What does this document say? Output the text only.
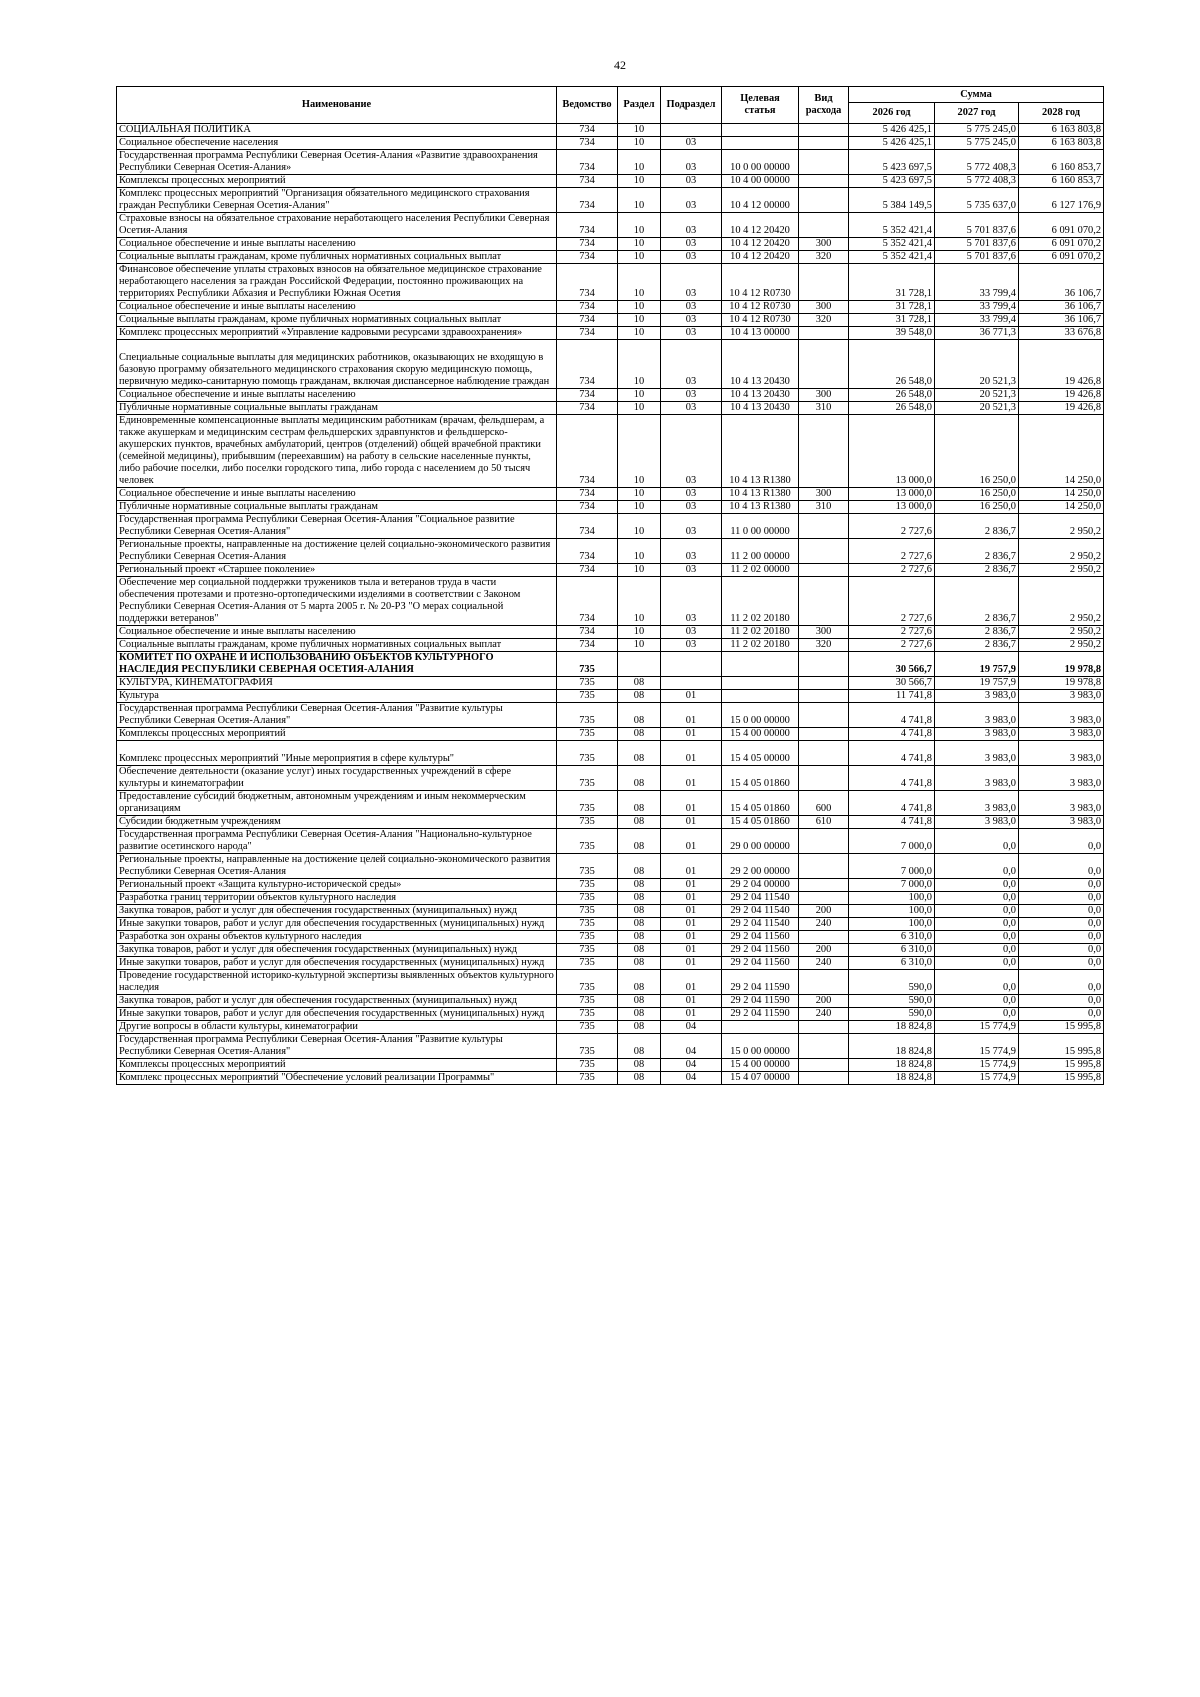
42
Наименование	Ведомство	Раздел	Подраздел	Целевая статья	Вид расхода	Сумма		
						2026 год	2027 год	2028 год
СОЦИАЛЬНАЯ ПОЛИТИКА	734	10				5 426 425,1	5 775 245,0	6 163 803,8
Социальное обеспечение населения	734	10	03			5 426 425,1	5 775 245,0	6 163 803,8
Государственная программа Республики Северная Осетия-Алания «Развитие здравоохранения Республики Северная Осетия-Алания»	734	10	03	10 0 00 00000		5 423 697,5	5 772 408,3	6 160 853,7
Комплексы процессных мероприятий	734	10	03	10 4 00 00000		5 423 697,5	5 772 408,3	6 160 853,7
Комплекс процессных мероприятий "Организация обязательного медицинского страхования граждан Республики Северная Осетия-Алания"	734	10	03	10 4 12 00000		5 384 149,5	5 735 637,0	6 127 176,9
Страховые взносы на обязательное страхование неработающего населения Республики Северная Осетия-Алания	734	10	03	10 4 12 20420		5 352 421,4	5 701 837,6	6 091 070,2
Социальное обеспечение и иные выплаты населению	734	10	03	10 4 12 20420	300	5 352 421,4	5 701 837,6	6 091 070,2
Социальные выплаты гражданам, кроме публичных нормативных социальных выплат	734	10	03	10 4 12 20420	320	5 352 421,4	5 701 837,6	6 091 070,2
Финансовое обеспечение уплаты страховых взносов на обязательное медицинское страхование неработающего населения за граждан Российской Федерации, постоянно проживающих на территориях Республики Абхазия и Республики Южная Осетия	734	10	03	10 4 12 R0730		31 728,1	33 799,4	36 106,7
Социальное обеспечение и иные выплаты населению	734	10	03	10 4 12 R0730	300	31 728,1	33 799,4	36 106,7
Социальные выплаты гражданам, кроме публичных нормативных социальных выплат	734	10	03	10 4 12 R0730	320	31 728,1	33 799,4	36 106,7
Комплекс процессных мероприятий «Управление кадровыми ресурсами здравоохранения»	734	10	03	10 4 13 00000		39 548,0	36 771,3	33 676,8
Специальные социальные выплаты для медицинских работников, оказывающих не входящую в базовую программу обязательного медицинского страхования скорую медицинскую помощь, первичную медико-санитарную помощь гражданам, включая диспансерное наблюдение граждан	734	10	03	10 4 13 20430		26 548,0	20 521,3	19 426,8
Социальное обеспечение и иные выплаты населению	734	10	03	10 4 13 20430	300	26 548,0	20 521,3	19 426,8
Публичные нормативные социальные выплаты гражданам	734	10	03	10 4 13 20430	310	26 548,0	20 521,3	19 426,8
Единовременные компенсационные выплаты медицинским работникам (врачам, фельдшерам, а также акушеркам и медицинским сестрам фельдшерских здравпунктов и фельдшерско-акушерских пунктов, врачебных амбулаторий, центров (отделений) общей врачебной практики (семейной медицины), прибывшим (переехавшим) на работу в сельские населенные пункты, либо рабочие поселки, либо поселки городского типа, либо города с населением до 50 тысяч человек	734	10	03	10 4 13 R1380		13 000,0	16 250,0	14 250,0
Социальное обеспечение и иные выплаты населению	734	10	03	10 4 13 R1380	300	13 000,0	16 250,0	14 250,0
Публичные нормативные социальные выплаты гражданам	734	10	03	10 4 13 R1380	310	13 000,0	16 250,0	14 250,0
Государственная программа Республики Северная Осетия-Алания "Социальное развитие Республики Северная Осетия-Алания"	734	10	03	11 0 00 00000		2 727,6	2 836,7	2 950,2
Региональные проекты, направленные на достижение целей социально-экономического развития Республики Северная Осетия-Алания	734	10	03	11 2 00 00000		2 727,6	2 836,7	2 950,2
Региональный проект «Старшее поколение»	734	10	03	11 2 02 00000		2 727,6	2 836,7	2 950,2
Обеспечение мер социальной поддержки тружеников тыла и ветеранов труда в части обеспечения протезами и протезно-ортопедическими изделиями в соответствии с Законом Республики Северная Осетия-Алания от 5 марта 2005 г. № 20-РЗ "О мерах социальной поддержки ветеранов"	734	10	03	11 2 02 20180		2 727,6	2 836,7	2 950,2
Социальное обеспечение и иные выплаты населению	734	10	03	11 2 02 20180	300	2 727,6	2 836,7	2 950,2
Социальные выплаты гражданам, кроме публичных нормативных социальных выплат	734	10	03	11 2 02 20180	320	2 727,6	2 836,7	2 950,2
КОМИТЕТ ПО ОХРАНЕ И ИСПОЛЬЗОВАНИЮ ОБЪЕКТОВ КУЛЬТУРНОГО НАСЛЕДИЯ РЕСПУБЛИКИ СЕВЕРНАЯ ОСЕТИЯ-АЛАНИЯ	735					30 566,7	19 757,9	19 978,8
КУЛЬТУРА, КИНЕМАТОГРАФИЯ	735	08				30 566,7	19 757,9	19 978,8
Культура	735	08	01			11 741,8	3 983,0	3 983,0
Государственная программа Республики Северная Осетия-Алания "Развитие культуры Республики Северная Осетия-Алания"	735	08	01	15 0 00 00000		4 741,8	3 983,0	3 983,0
Комплексы процессных мероприятий	735	08	01	15 4 00 00000		4 741,8	3 983,0	3 983,0
Комплекс процессных мероприятий "Иные мероприятия в сфере культуры"	735	08	01	15 4 05 00000		4 741,8	3 983,0	3 983,0
Обеспечение деятельности (оказание услуг) иных государственных учреждений в сфере культуры и кинематографии	735	08	01	15 4 05 01860		4 741,8	3 983,0	3 983,0
Предоставление субсидий бюджетным, автономным учреждениям и иным некоммерческим организациям	735	08	01	15 4 05 01860	600	4 741,8	3 983,0	3 983,0
Субсидии бюджетным учреждениям	735	08	01	15 4 05 01860	610	4 741,8	3 983,0	3 983,0
Государственная программа Республики Северная Осетия-Алания "Национально-культурное развитие осетинского народа"	735	08	01	29 0 00 00000		7 000,0	0,0	0,0
Региональные проекты, направленные на достижение целей социально-экономического развития Республики Северная Осетия-Алания	735	08	01	29 2 00 00000		7 000,0	0,0	0,0
Региональный проект «Защита культурно-исторической среды»	735	08	01	29 2 04 00000		7 000,0	0,0	0,0
Разработка границ территории объектов культурного наследия	735	08	01	29 2 04 11540		100,0	0,0	0,0
Закупка товаров, работ и услуг для обеспечения государственных (муниципальных) нужд	735	08	01	29 2 04 11540	200	100,0	0,0	0,0
Иные закупки товаров, работ и услуг для обеспечения государственных (муниципальных) нужд	735	08	01	29 2 04 11540	240	100,0	0,0	0,0
Разработка зон охраны объектов культурного наследия	735	08	01	29 2 04 11560		6 310,0	0,0	0,0
Закупка товаров, работ и услуг для обеспечения государственных (муниципальных) нужд	735	08	01	29 2 04 11560	200	6 310,0	0,0	0,0
Иные закупки товаров, работ и услуг для обеспечения государственных (муниципальных) нужд	735	08	01	29 2 04 11560	240	6 310,0	0,0	0,0
Проведение государственной историко-культурной экспертизы выявленных объектов культурного наследия	735	08	01	29 2 04 11590		590,0	0,0	0,0
Закупка товаров, работ и услуг для обеспечения государственных (муниципальных) нужд	735	08	01	29 2 04 11590	200	590,0	0,0	0,0
Иные закупки товаров, работ и услуг для обеспечения государственных (муниципальных) нужд	735	08	01	29 2 04 11590	240	590,0	0,0	0,0
Другие вопросы в области культуры, кинематографии	735	08	04			18 824,8	15 774,9	15 995,8
Государственная программа Республики Северная Осетия-Алания "Развитие культуры Республики Северная Осетия-Алания"	735	08	04	15 0 00 00000		18 824,8	15 774,9	15 995,8
Комплексы процессных мероприятий	735	08	04	15 4 00 00000		18 824,8	15 774,9	15 995,8
Комплекс процессных мероприятий "Обеспечение условий реализации Программы"	735	08	04	15 4 07 00000		18 824,8	15 774,9	15 995,8
